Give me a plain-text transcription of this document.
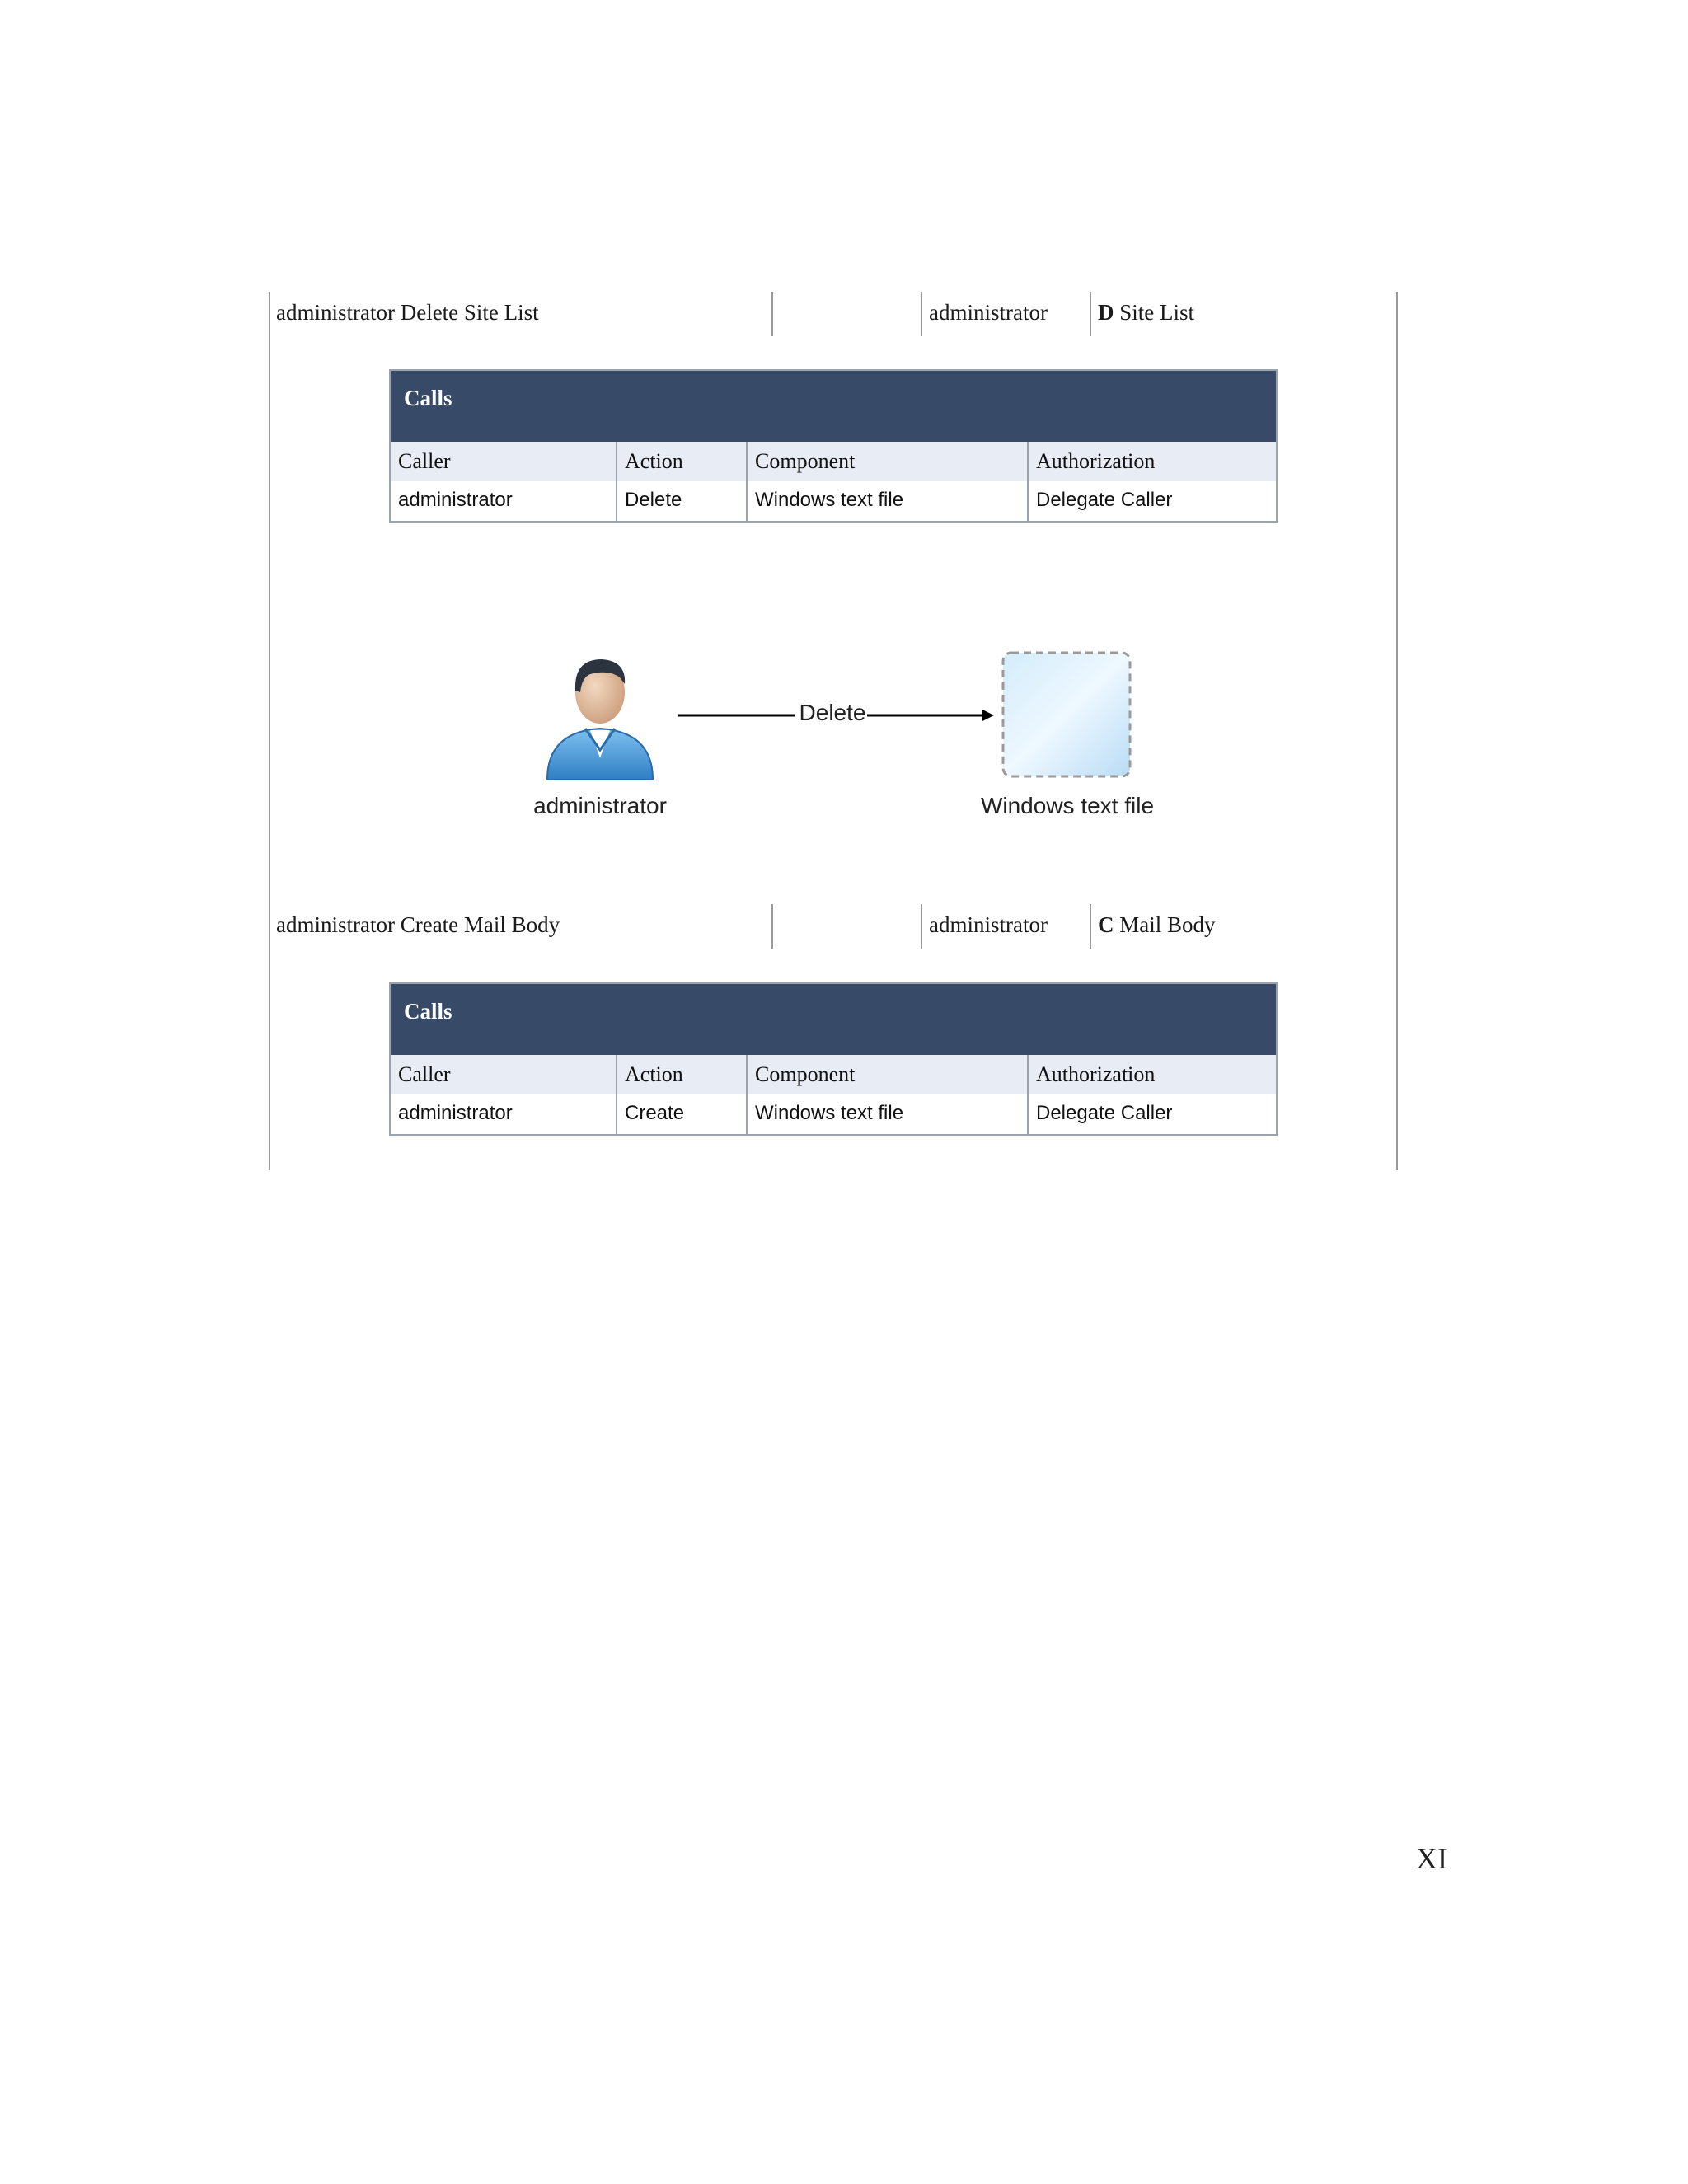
administrator Delete Site List	administrator D Site List
Calls
Caller	Action	Component	Authorization
administrator	Delete	Windows text file	Delegate Caller
Delete
administrator	Windows text file
administrator Create Mail Body	administrator C Mail Body
Calls
Caller	Action	Component	Authorization
administrator	Create	Windows text file	Delegate Caller
XI
